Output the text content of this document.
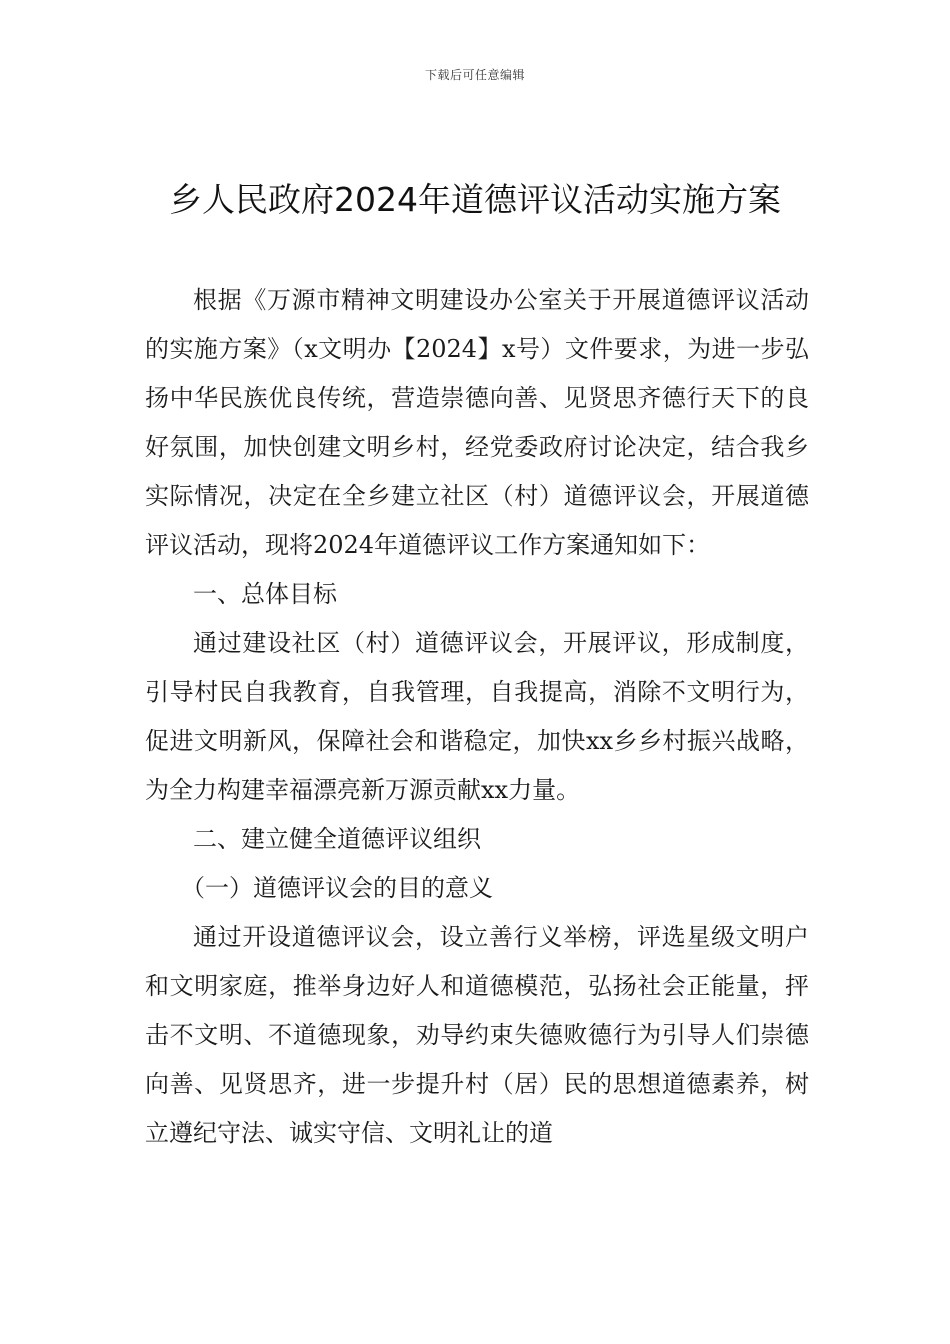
下载后可任意编辑
乡人民政府2024年道德评议活动实施方案

根据《万源市精神文明建设办公室关于开展道德评议活动的实施方案》（x文明办【2024】x号）文件要求，为进一步弘扬中华民族优良传统，营造崇德向善、见贤思齐德行天下的良好氛围，加快创建文明乡村，经党委政府讨论决定，结合我乡实际情况，决定在全乡建立社区（村）道德评议会，开展道德评议活动，现将2024年道德评议工作方案通知如下：

一、总体目标

通过建设社区（村）道德评议会，开展评议，形成制度，引导村民自我教育，自我管理，自我提高，消除不文明行为，促进文明新风，保障社会和谐稳定，加快xx乡乡村振兴战略，为全力构建幸福漂亮新万源贡献xx力量。

二、建立健全道德评议组织

（一）道德评议会的目的意义

通过开设道德评议会，设立善行义举榜，评选星级文明户和文明家庭，推举身边好人和道德模范，弘扬社会正能量，抨击不文明、不道德现象，劝导约束失德败德行为引导人们崇德向善、见贤思齐，进一步提升村（居）民的思想道德素养，树立遵纪守法、诚实守信、文明礼让的道
